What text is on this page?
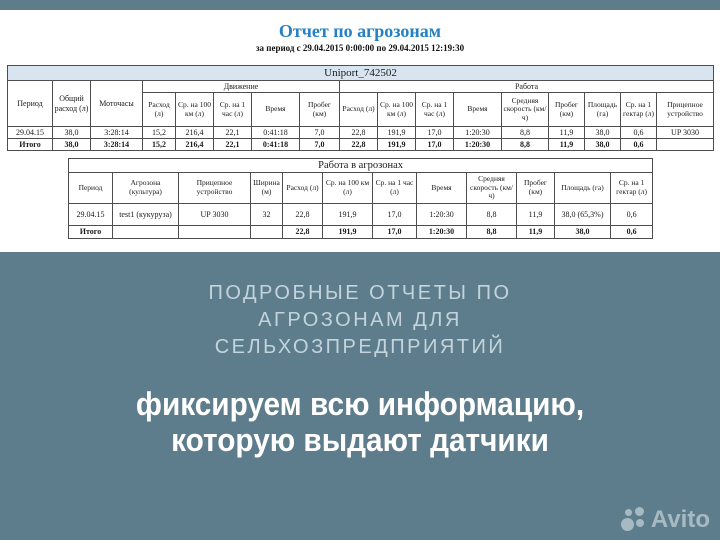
Отчет по агрозонам
за период с 29.04.2015 0:00:00 по 29.04.2015 12:19:30
Uniport_742502																
Период	Общий расход (л)	Моточасы	Движение					Работа								
			Расход (л)	Ср. на 100 км (л)	Ср. на 1 час (л)	Время	Пробег (км)	Расход (л)	Ср. на 100 км (л)	Ср. на 1 час (л)	Время	Средняя скорость (км/ч)	Пробег (км)	Площадь (га)	Ср. на 1 гектар (л)	Прицепное устройство
29.04.15	38,0	3:28:14	15,2	216,4	22,1	0:41:18	7,0	22,8	191,9	17,0	1:20:30	8,8	11,9	38,0	0,6	UP 3030
Итого	38,0	3:28:14	15,2	216,4	22,1	0:41:18	7,0	22,8	191,9	17,0	1:20:30	8,8	11,9	38,0	0,6	
Работа в агрозонах											
Период	Агрозона (культура)	Прицепное устройство	Ширина (м)	Расход (л)	Ср. на 100 км (л)	Ср. на 1 час (л)	Время	Средняя скорость (км/ч)	Пробег (км)	Площадь (га)	Ср. на 1 гектар (л)
29.04.15	test1 (кукуруза)	UP 3030	32	22,8	191,9	17,0	1:20:30	8,8	11,9	38,0 (65,3%)	0,6
Итого				22,8	191,9	17,0	1:20:30	8,8	11,9	38,0	0,6
ПОДРОБНЫЕ ОТЧЕТЫ ПО
АГРОЗОНАМ ДЛЯ
СЕЛЬХОЗПРЕДПРИЯТИЙ
фиксируем всю информацию,
которую выдают датчики
Avito
